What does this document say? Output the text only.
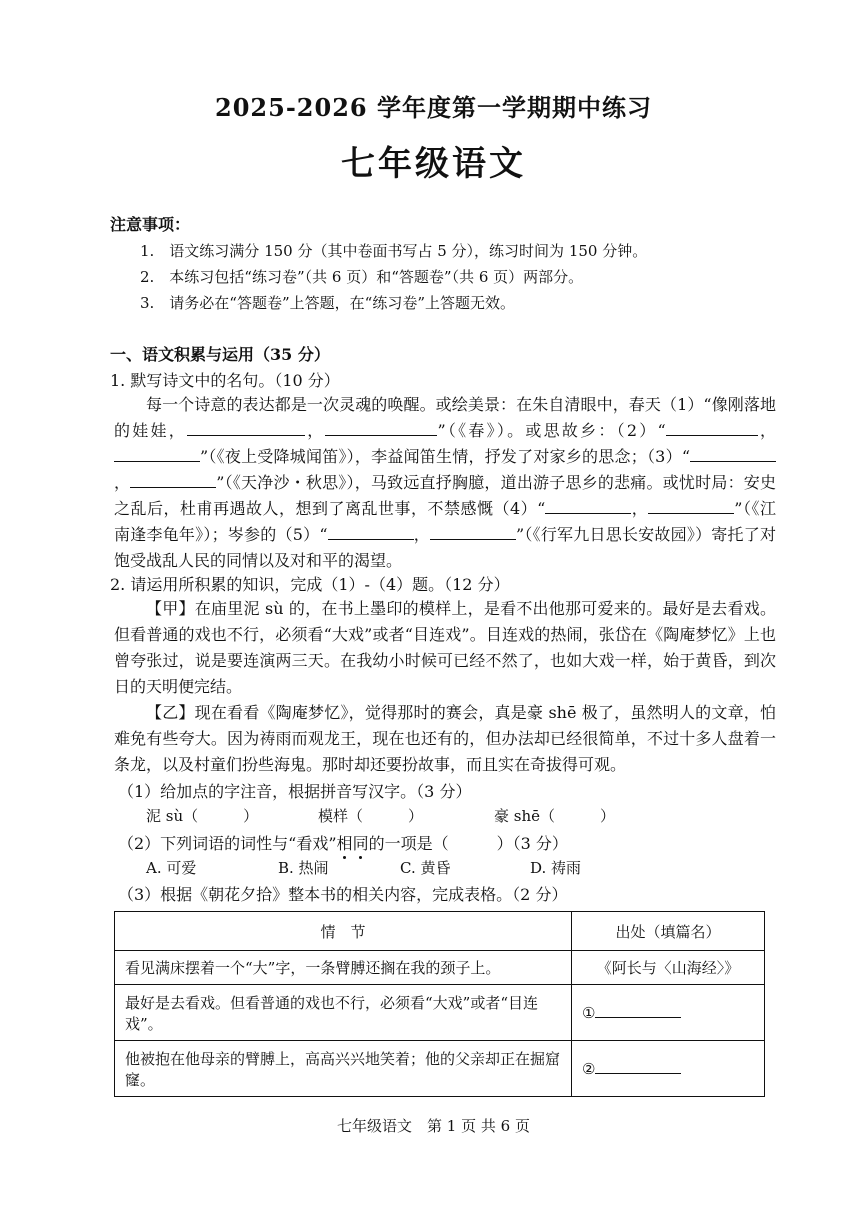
2025-2026 学年度第一学期期中练习
七年级语文
注意事项：
1.　语文练习满分 150 分（其中卷面书写占 5 分），练习时间为 150 分钟。
2.　本练习包括“练习卷”（共 6 页）和“答题卷”（共 6 页）两部分。
3.　请务必在“答题卷”上答题，在“练习卷”上答题无效。
一、语文积累与运用（35 分）
1. 默写诗文中的名句。（10 分）
每一个诗意的表达都是一次灵魂的唤醒。或绘美景：在朱自清眼中，春天（1）“像刚落地的娃娃，	，	”（《春》）。或思故乡：（2）“	，”（《夜上受降城闻笛》），李益闻笛生情，抒发了对家乡的思念；（3）“，	”（《天净沙・秋思》），马致远直抒胸臆，道出游子思乡的悲痛。或忧时局：安史之乱后，杜甫再遇故人，想到了离乱世事，不禁感慨（4）“	，	”（《江南逢李龟年》）；岑参的（5）“	，	”（《行军九日思长安故园》）寄托了对饱受战乱人民的同情以及对和平的渴望。
2. 请运用所积累的知识，完成（1）-（4）题。（12 分）
【甲】在庙里泥 sù 的，在书上墨印的模样上，是看不出他那可爱来的。最好是去看戏。但看普通的戏也不行，必须看“大戏”或者“目连戏”。目连戏的热闹，张岱在《陶庵梦忆》上也曾夸张过，说是要连演两三天。在我幼小时候可已经不然了，也如大戏一样，始于黄昏，到次日的天明便完结。
【乙】现在看看《陶庵梦忆》，觉得那时的赛会，真是豪 shē 极了，虽然明人的文章，怕难免有些夸大。因为祷雨而观龙王，现在也还有的，但办法却已经很简单，不过十多人盘着一条龙，以及村童们扮些海鬼。那时却还要扮故事，而且实在奇拔得可观。
（1）给加点的字注音，根据拼音写汉字。（3 分）
泥 sù（　　　）	模样（　　　）	豪 shē（　　　）
（2）下列词语的词性与“看戏”相同的一项是（　　　）（3 分）
A. 可爱	B. 热闹	C. 黄昏	D. 祷雨
（3）根据《朝花夕拾》整本书的相关内容，完成表格。（2 分）
情　节	出处（填篇名）
看见满床摆着一个“大”字，一条臂膊还搁在我的颈子上。	《阿长与〈山海经〉》
最好是去看戏。但看普通的戏也不行，必须看“大戏”或者“目连戏”。	①
他被抱在他母亲的臂膊上，高高兴兴地笑着；他的父亲却正在掘窟窿。	②
七年级语文　第 1 页 共 6 页
